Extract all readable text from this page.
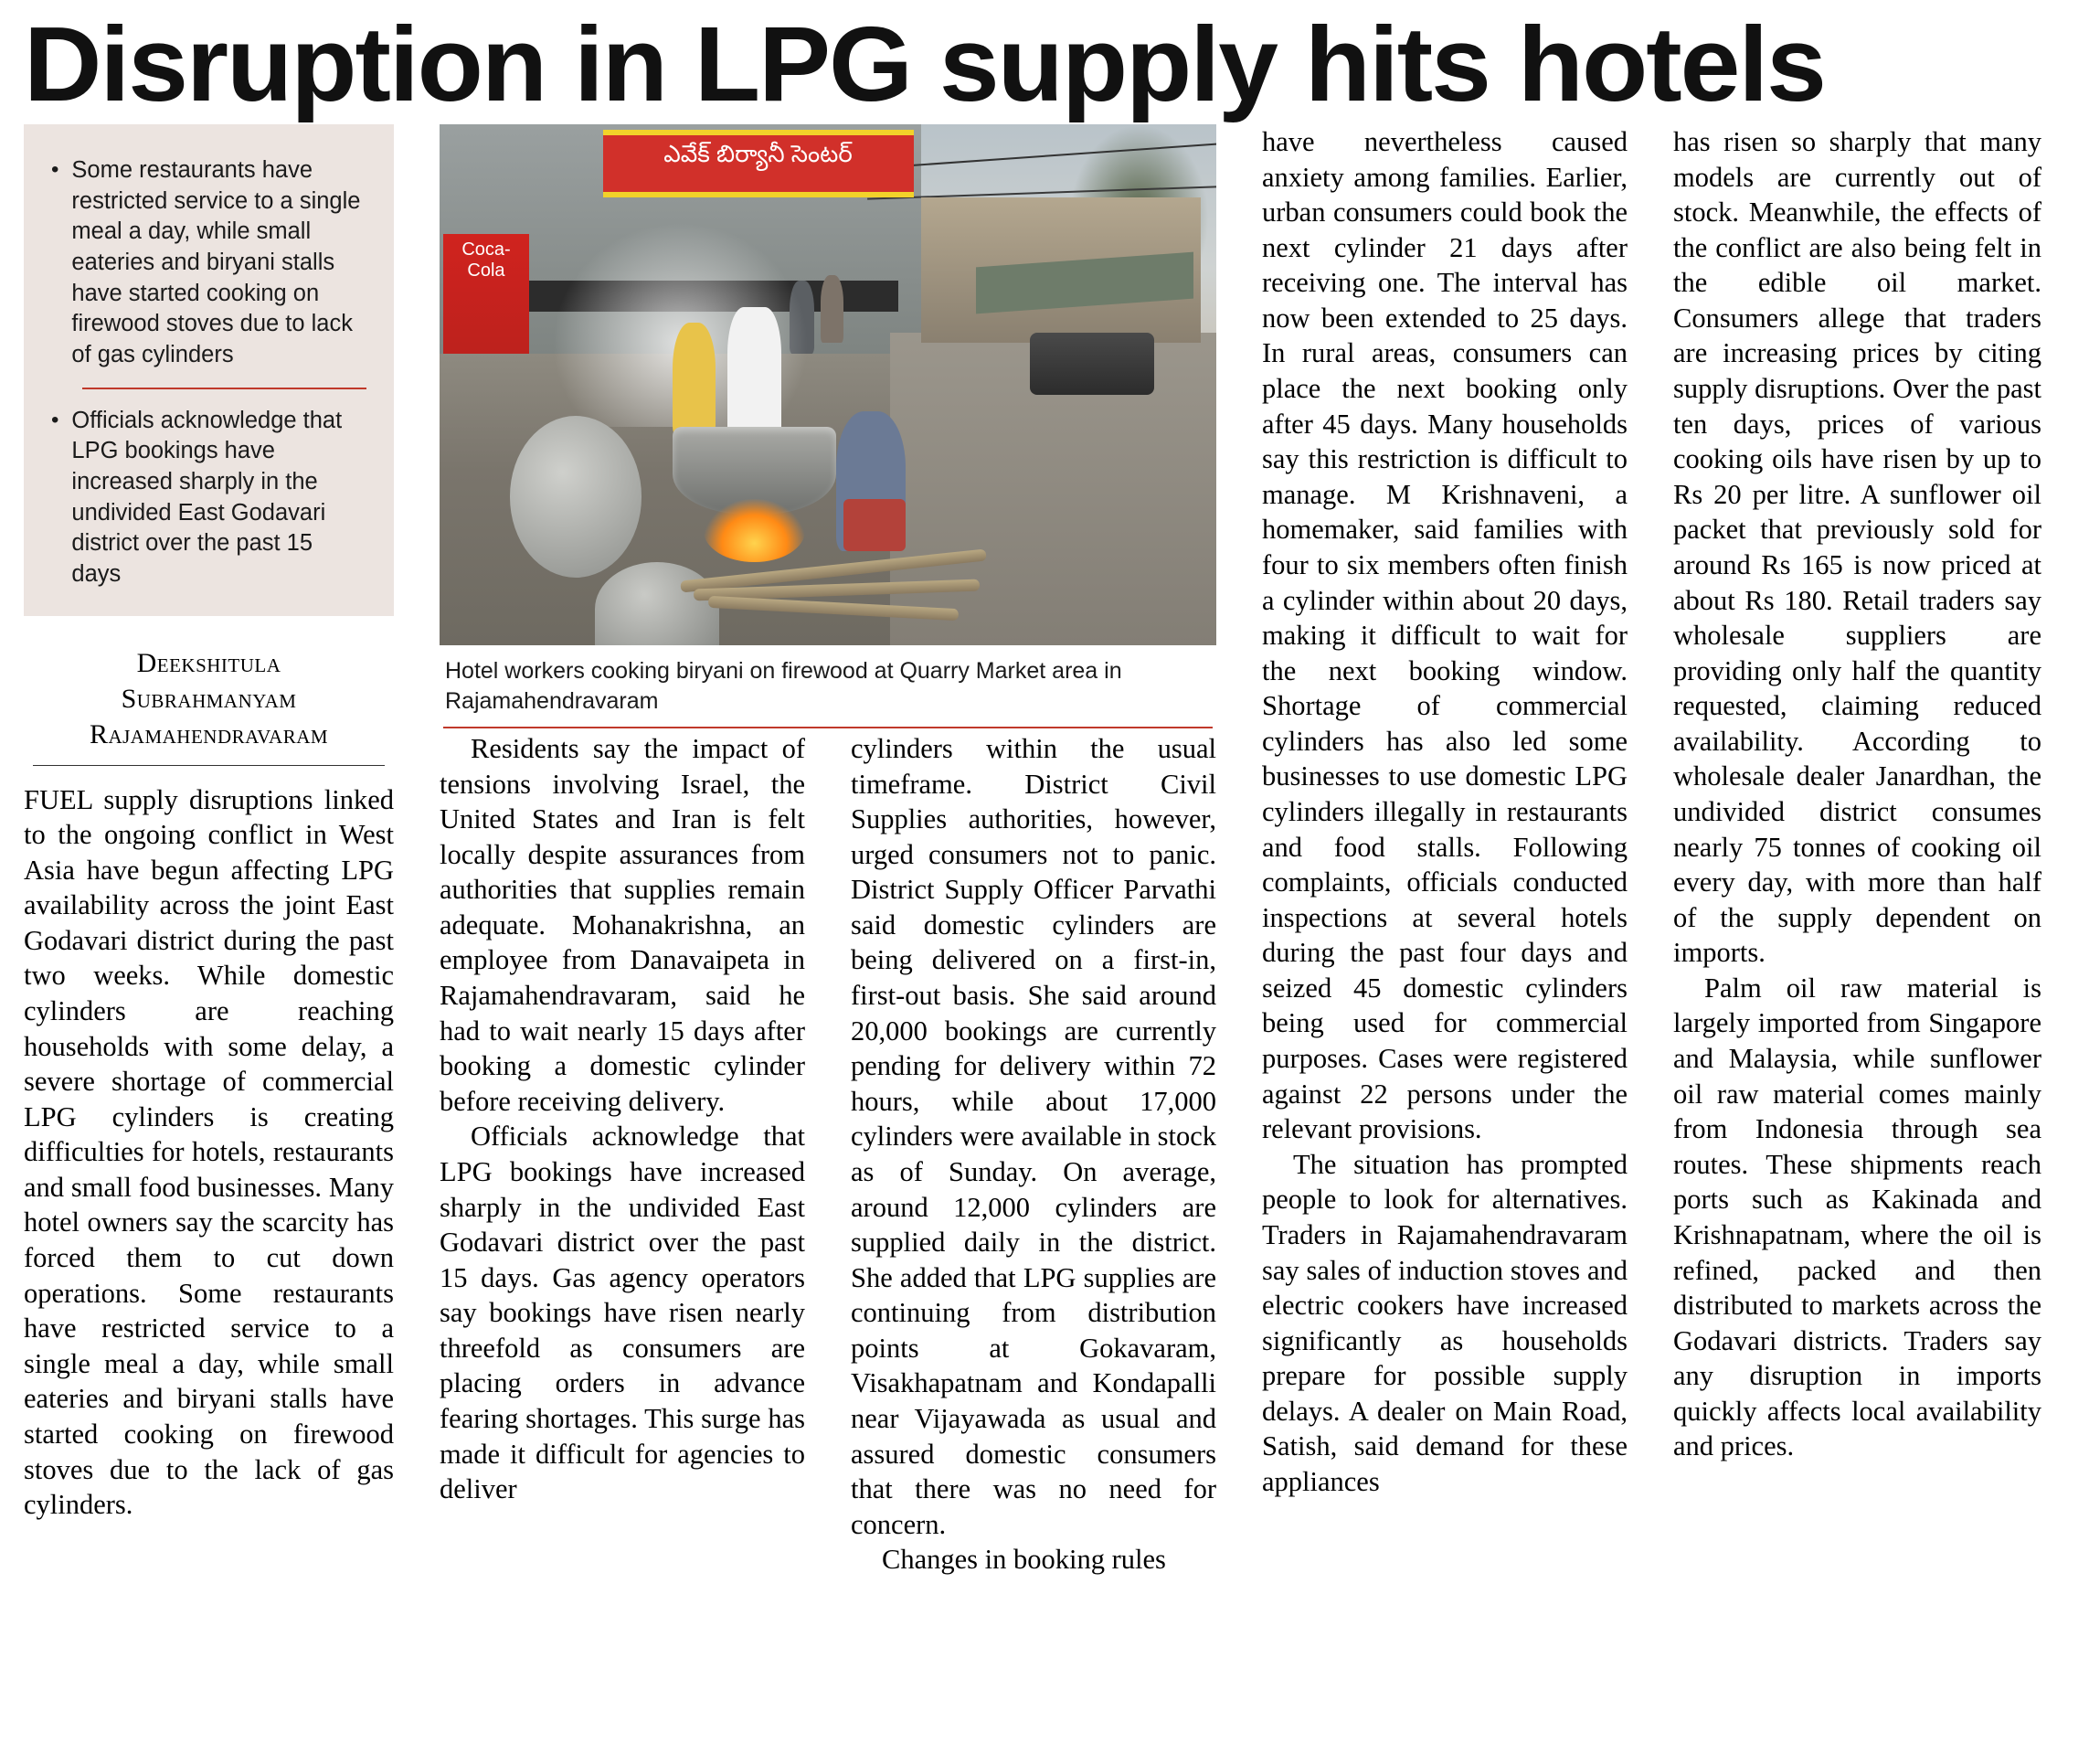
Disruption in LPG supply hits hotels
• Some restaurants have restricted service to a single meal a day, while small eateries and biryani stalls have started cooking on firewood stoves due to lack of gas cylinders
• Officials acknowledge that LPG bookings have increased sharply in the undivided East Godavari district over the past 15 days
Deekshitula
Subrahmanyam
Rajamahendravaram

FUEL supply disruptions linked to the ongoing conflict in West Asia have begun affecting LPG availability across the joint East Godavari district during the past two weeks. While domestic cylinders are reaching households with some delay, a severe shortage of commercial LPG cylinders is creating difficulties for hotels, restaurants and small food businesses. Many hotel owners say the scarcity has forced them to cut down operations. Some restaurants have restricted service to a single meal a day, while small eateries and biryani stalls have started cooking on firewood stoves due to the lack of gas cylinders.

ఎవేక్ బిర్యానీ సెంటర్
Coca-Cola
Hotel workers cooking biryani on firewood at Quarry Market area in Rajamahendravaram

Residents say the impact of tensions involving Israel, the United States and Iran is felt locally despite assurances from authorities that supplies remain adequate. Mohanakrishna, an employee from Danavaipeta in Rajamahendravaram, said he had to wait nearly 15 days after booking a domestic cylinder before receiving delivery.

Officials acknowledge that LPG bookings have increased sharply in the undivided East Godavari district over the past 15 days. Gas agency operators say bookings have risen nearly threefold as consumers are placing orders in advance fearing shortages. This surge has made it difficult for agencies to deliver

cylinders within the usual timeframe. District Civil Supplies authorities, however, urged consumers not to panic. District Supply Officer Parvathi said domestic cylinders are being delivered on a first-in, first-out basis. She said around 20,000 bookings are currently pending for delivery within 72 hours, while about 17,000 cylinders were available in stock as of Sunday. On average, around 12,000 cylinders are supplied daily in the district. She added that LPG supplies are continuing from distribution points at Gokavaram, Visakhapatnam and Kondapalli near Vijayawada as usual and assured domestic consumers that there was no need for concern.

Changes in booking rules

have nevertheless caused anxiety among families. Earlier, urban consumers could book the next cylinder 21 days after receiving one. The interval has now been extended to 25 days. In rural areas, consumers can place the next booking only after 45 days. Many households say this restriction is difficult to manage. M Krishnaveni, a homemaker, said families with four to six members often finish a cylinder within about 20 days, making it difficult to wait for the next booking window. Shortage of commercial cylinders has also led some businesses to use domestic LPG cylinders illegally in restaurants and food stalls. Following complaints, officials conducted inspections at several hotels during the past four days and seized 45 domestic cylinders being used for commercial purposes. Cases were registered against 22 persons under the relevant provisions.

The situation has prompted people to look for alternatives. Traders in Rajamahendravaram say sales of induction stoves and electric cookers have increased significantly as households prepare for possible supply delays. A dealer on Main Road, Satish, said demand for these appliances

has risen so sharply that many models are currently out of stock. Meanwhile, the effects of the conflict are also being felt in the edible oil market. Consumers allege that traders are increasing prices by citing supply disruptions. Over the past ten days, prices of various cooking oils have risen by up to Rs 20 per litre. A sunflower oil packet that previously sold for around Rs 165 is now priced at about Rs 180. Retail traders say wholesale suppliers are providing only half the quantity requested, claiming reduced availability. According to wholesale dealer Janardhan, the undivided district consumes nearly 75 tonnes of cooking oil every day, with more than half of the supply dependent on imports.

Palm oil raw material is largely imported from Singapore and Malaysia, while sunflower oil raw material comes mainly from Indonesia through sea routes. These shipments reach ports such as Kakinada and Krishnapatnam, where the oil is refined, packed and then distributed to markets across the Godavari districts. Traders say any disruption in imports quickly affects local availability and prices.
